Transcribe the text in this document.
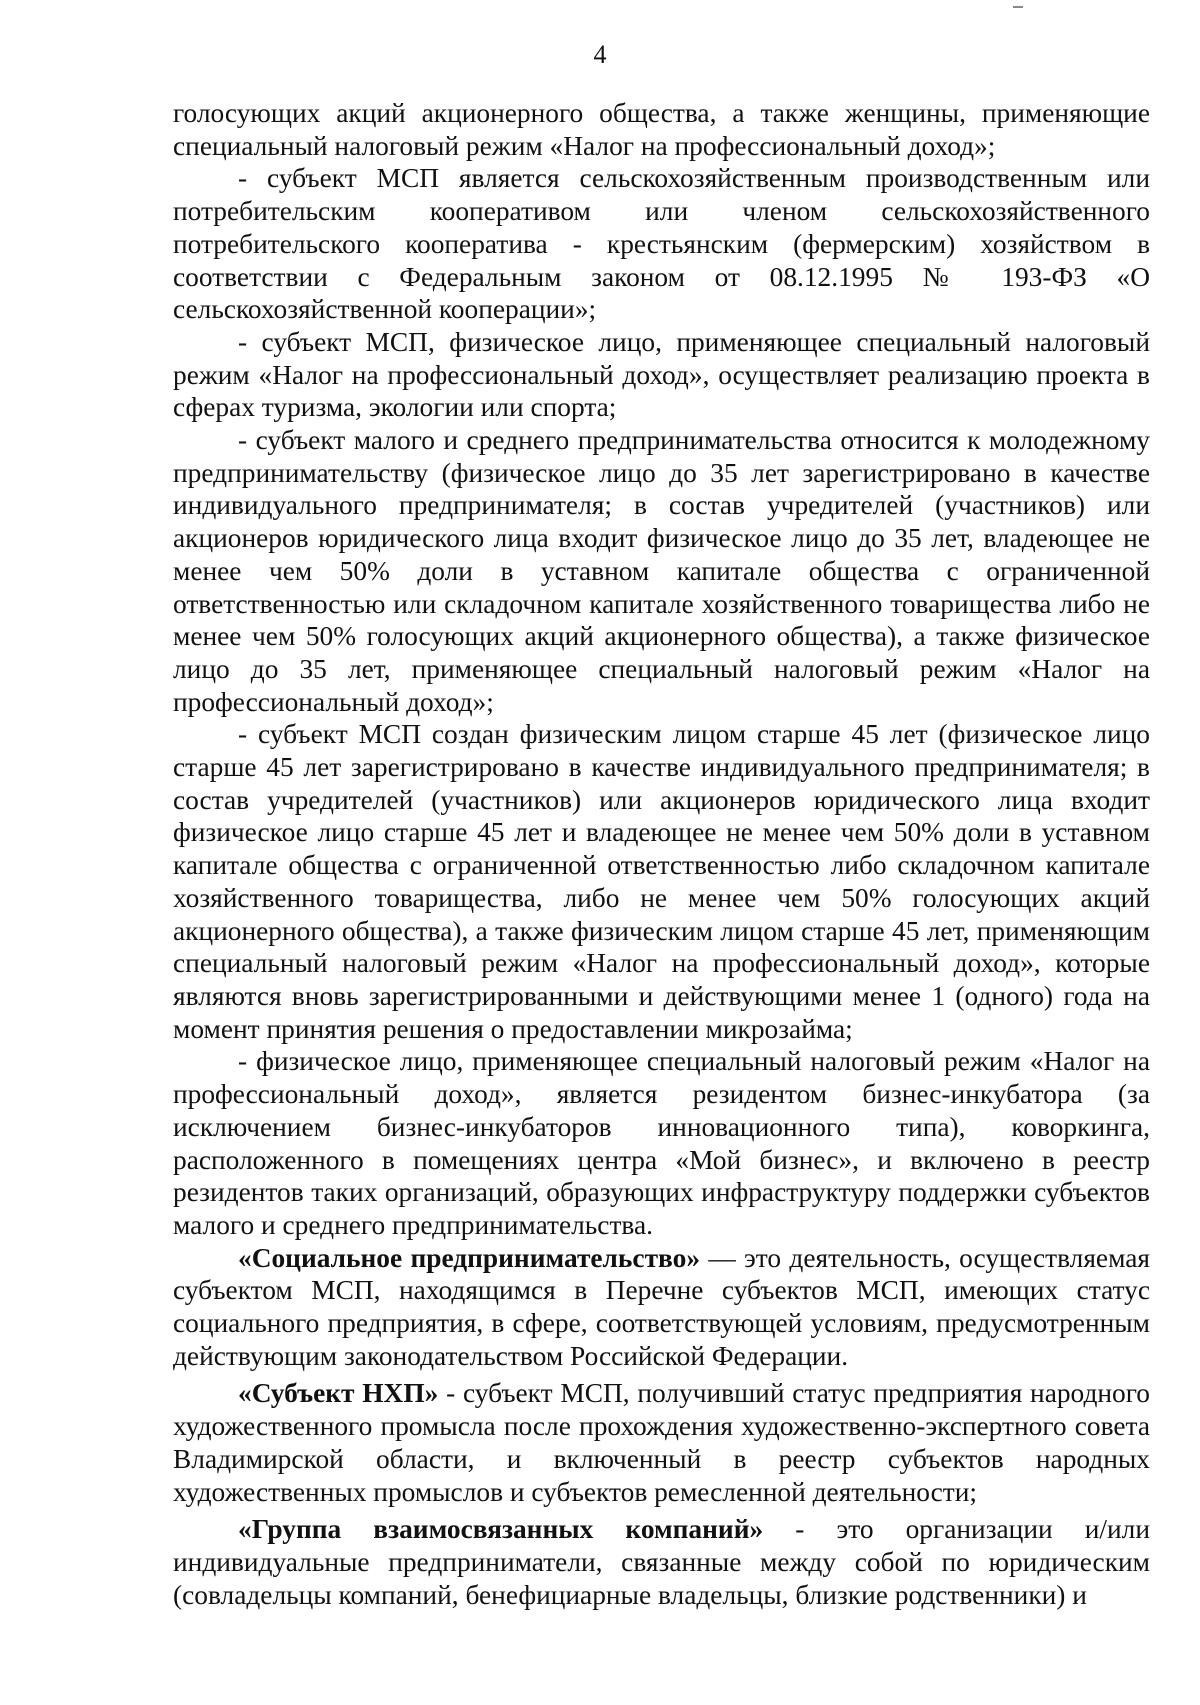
4

голосующих акций акционерного общества, а также женщины, применяющие специальный налоговый режим «Налог на профессиональный доход»;

- субъект МСП является сельскохозяйственным производственным или потребительским кооперативом или членом сельскохозяйственного потребительского кооператива - крестьянским (фермерским) хозяйством в соответствии с Федеральным законом от 08.12.1995 № 193-ФЗ «О сельскохозяйственной кооперации»;

- субъект МСП, физическое лицо, применяющее специальный налоговый режим «Налог на профессиональный доход», осуществляет реализацию проекта в сферах туризма, экологии или спорта;

- субъект малого и среднего предпринимательства относится к молодежному предпринимательству (физическое лицо до 35 лет зарегистрировано в качестве индивидуального предпринимателя; в состав учредителей (участников) или акционеров юридического лица входит физическое лицо до 35 лет, владеющее не менее чем 50% доли в уставном капитале общества с ограниченной ответственностью или складочном капитале хозяйственного товарищества либо не менее чем 50% голосующих акций акционерного общества), а также физическое лицо до 35 лет, применяющее специальный налоговый режим «Налог на профессиональный доход»;

- субъект МСП создан физическим лицом старше 45 лет (физическое лицо старше 45 лет зарегистрировано в качестве индивидуального предпринимателя; в состав учредителей (участников) или акционеров юридического лица входит физическое лицо старше 45 лет и владеющее не менее чем 50% доли в уставном капитале общества с ограниченной ответственностью либо складочном капитале хозяйственного товарищества, либо не менее чем 50% голосующих акций акционерного общества), а также физическим лицом старше 45 лет, применяющим специальный налоговый режим «Налог на профессиональный доход», которые являются вновь зарегистрированными и действующими менее 1 (одного) года на момент принятия решения о предоставлении микрозайма;

- физическое лицо, применяющее специальный налоговый режим «Налог на профессиональный доход», является резидентом бизнес-инкубатора (за исключением бизнес-инкубаторов инновационного типа), коворкинга, расположенного в помещениях центра «Мой бизнес», и включено в реестр резидентов таких организаций, образующих инфраструктуру поддержки субъектов малого и среднего предпринимательства.

«Социальное предпринимательство» — это деятельность, осуществляемая субъектом МСП, находящимся в Перечне субъектов МСП, имеющих статус социального предприятия, в сфере, соответствующей условиям, предусмотренным действующим законодательством Российской Федерации.

«Субъект НХП» - субъект МСП, получивший статус предприятия народного художественного промысла после прохождения художественно-экспертного совета Владимирской области, и включенный в реестр субъектов народных художественных промыслов и субъектов ремесленной деятельности;

«Группа взаимосвязанных компаний» - это организации и/или индивидуальные предприниматели, связанные между собой по юридическим (совладельцы компаний, бенефициарные владельцы, близкие родственники) и
